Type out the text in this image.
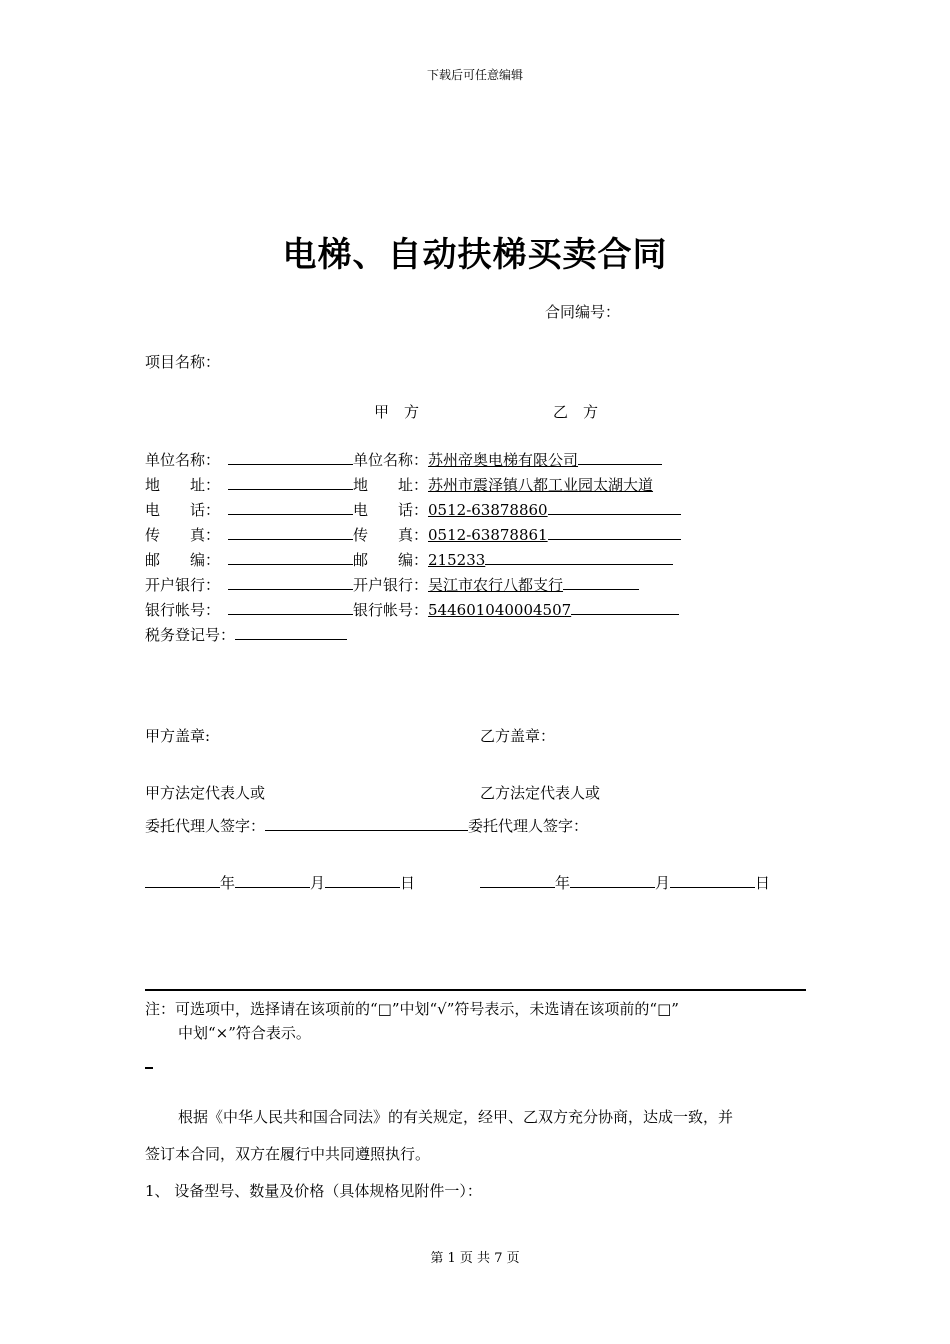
下载后可任意编辑
电梯、自动扶梯买卖合同
合同编号：
项目名称：
甲　方	乙　方
单位名称：	单位名称：苏州帝奥电梯有限公司
地　　址：	地　　址：苏州市震泽镇八都工业园太湖大道
电　　话：	电　　话：0512-63878860
传　　真：	传　　真：0512-63878861
邮　　编：	邮　　编：215233
开户银行：	开户银行：吴江市农行八都支行
银行帐号：	银行帐号：544601040004507
税务登记号：
甲方盖章:	乙方盖章：
甲方法定代表人或	乙方法定代表人或
委托代理人签字：	委托代理人签字：
年	月	日	年	月	日
注：可选项中，选择请在该项前的“□”中划“√”符号表示，未选请在该项前的“□”
中划“×”符合表示。
根据《中华人民共和国合同法》的有关规定，经甲、乙双方充分协商，达成一致，并
签订本合同，双方在履行中共同遵照执行。
1、 设备型号、数量及价格（具体规格见附件一）：
第 1 页 共 7 页
